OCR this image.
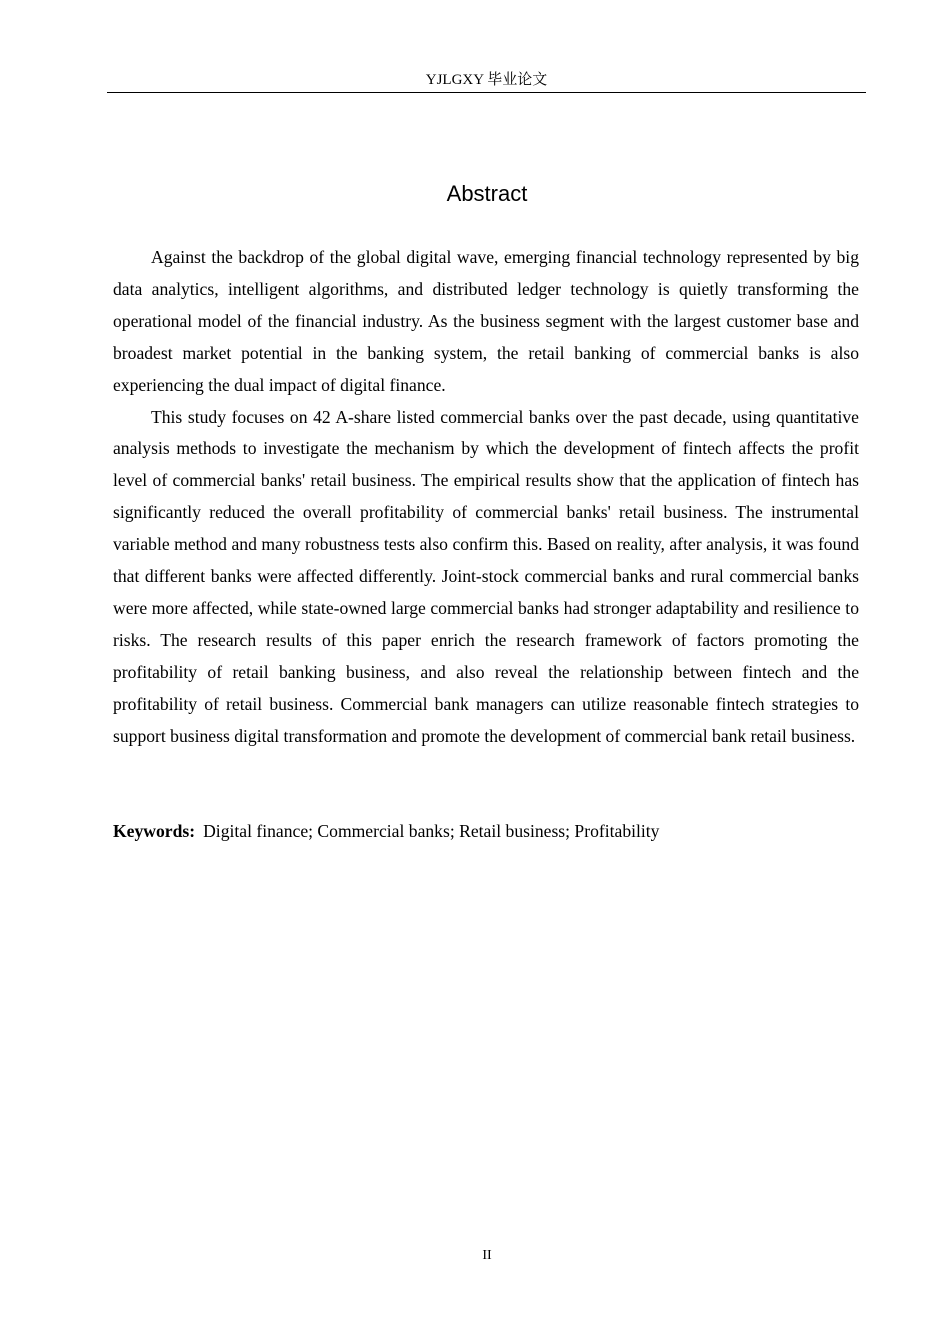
YJLGXY 毕业论文
Abstract

Against the backdrop of the global digital wave, emerging financial technology represented by big data analytics, intelligent algorithms, and distributed ledger technology is quietly transforming the operational model of the financial industry. As the business segment with the largest customer base and broadest market potential in the banking system, the retail banking of commercial banks is also experiencing the dual impact of digital finance.

This study focuses on 42 A-share listed commercial banks over the past decade, using quantitative analysis methods to investigate the mechanism by which the development of fintech affects the profit level of commercial banks' retail business. The empirical results show that the application of fintech has significantly reduced the overall profitability of commercial banks' retail business. The instrumental variable method and many robustness tests also confirm this. Based on reality, after analysis, it was found that different banks were affected differently. Joint-stock commercial banks and rural commercial banks were more affected, while state-owned large commercial banks had stronger adaptability and resilience to risks. The research results of this paper enrich the research framework of factors promoting the profitability of retail banking business, and also reveal the relationship between fintech and the profitability of retail business. Commercial bank managers can utilize reasonable fintech strategies to support business digital transformation and promote the development of commercial bank retail business.

Keywords: Digital finance; Commercial banks; Retail business; Profitability
II
